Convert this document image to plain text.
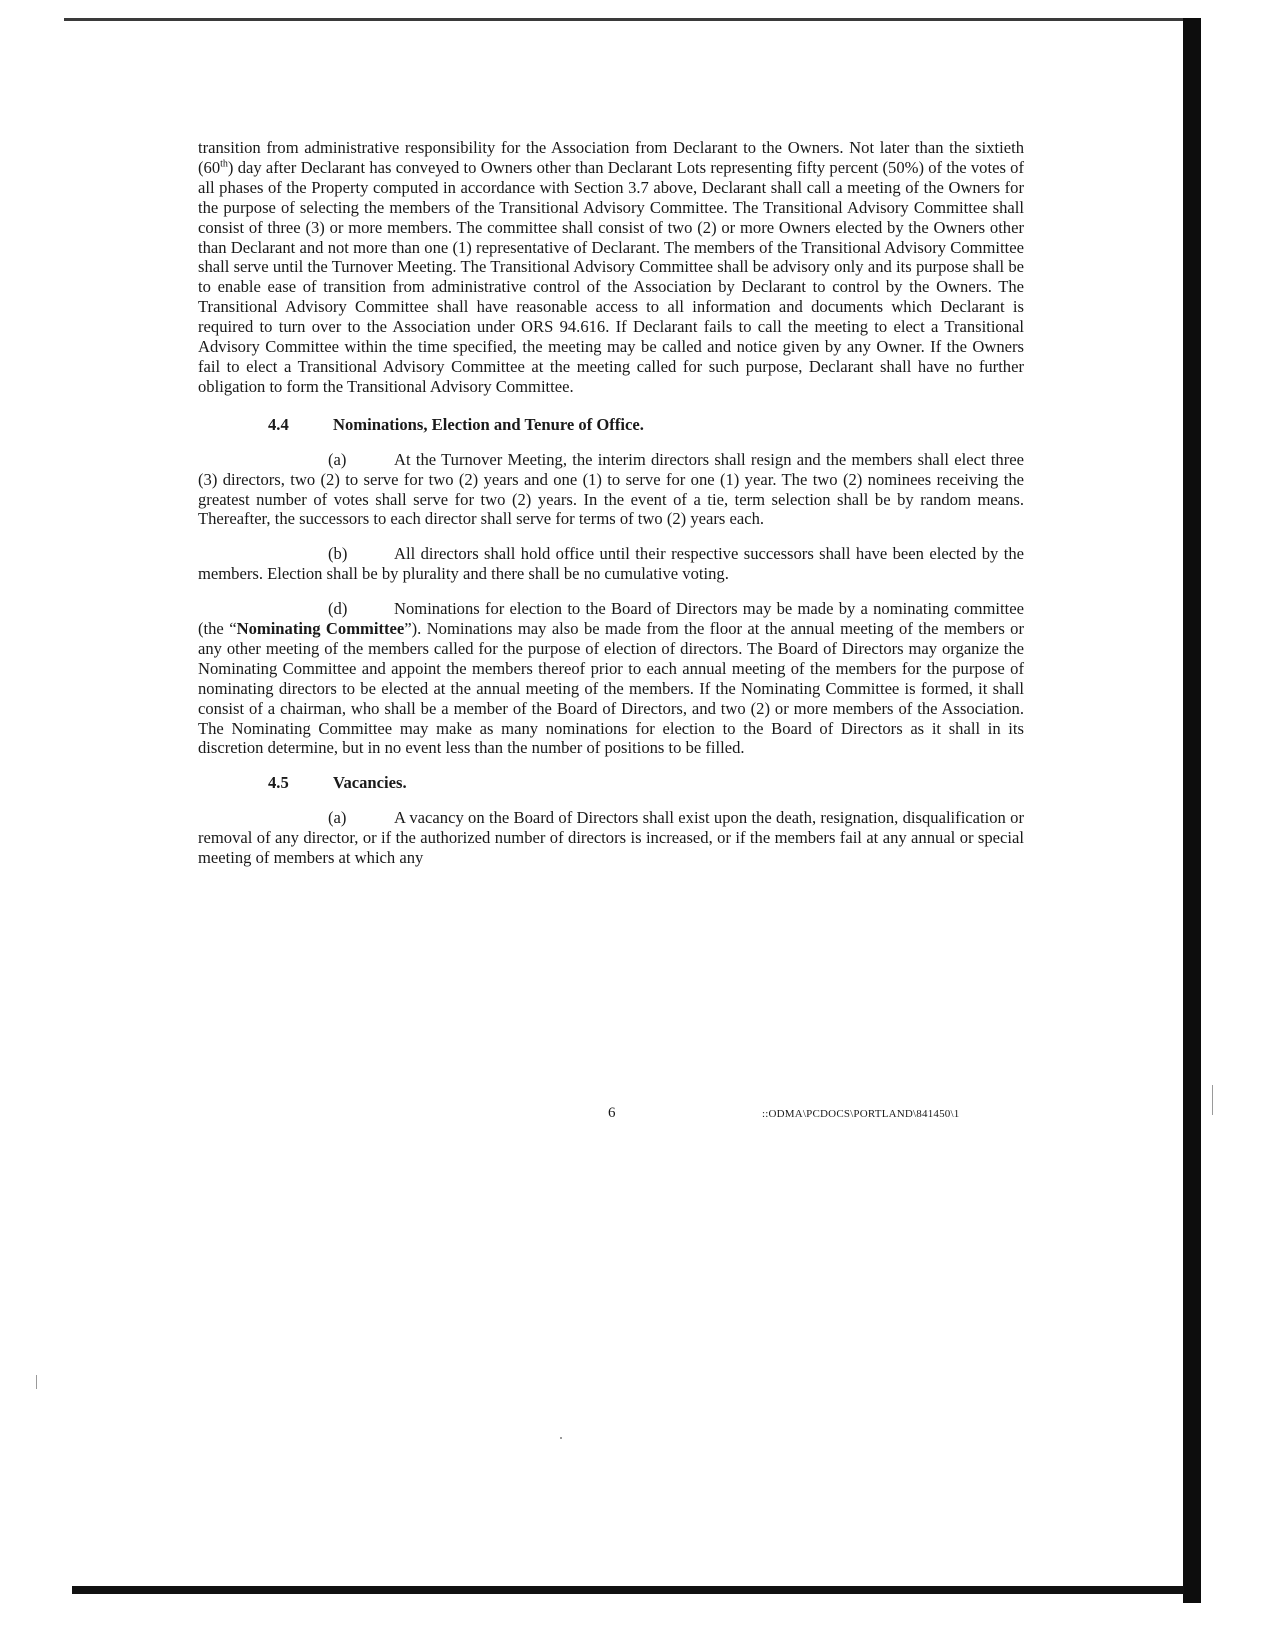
transition from administrative responsibility for the Association from Declarant to the Owners. Not later than the sixtieth (60th) day after Declarant has conveyed to Owners other than Declarant Lots representing fifty percent (50%) of the votes of all phases of the Property computed in accordance with Section 3.7 above, Declarant shall call a meeting of the Owners for the purpose of selecting the members of the Transitional Advisory Committee. The Transitional Advisory Committee shall consist of three (3) or more members. The committee shall consist of two (2) or more Owners elected by the Owners other than Declarant and not more than one (1) representative of Declarant. The members of the Transitional Advisory Committee shall serve until the Turnover Meeting. The Transitional Advisory Committee shall be advisory only and its purpose shall be to enable ease of transition from administrative control of the Association by Declarant to control by the Owners. The Transitional Advisory Committee shall have reasonable access to all information and documents which Declarant is required to turn over to the Association under ORS 94.616. If Declarant fails to call the meeting to elect a Transitional Advisory Committee within the time specified, the meeting may be called and notice given by any Owner. If the Owners fail to elect a Transitional Advisory Committee at the meeting called for such purpose, Declarant shall have no further obligation to form the Transitional Advisory Committee.

4.4	Nominations, Election and Tenure of Office.

(a)	At the Turnover Meeting, the interim directors shall resign and the members shall elect three (3) directors, two (2) to serve for two (2) years and one (1) to serve for one (1) year. The two (2) nominees receiving the greatest number of votes shall serve for two (2) years. In the event of a tie, term selection shall be by random means. Thereafter, the successors to each director shall serve for terms of two (2) years each.

(b)	All directors shall hold office until their respective successors shall have been elected by the members. Election shall be by plurality and there shall be no cumulative voting.

(d)	Nominations for election to the Board of Directors may be made by a nominating committee (the “Nominating Committee”). Nominations may also be made from the floor at the annual meeting of the members or any other meeting of the members called for the purpose of election of directors. The Board of Directors may organize the Nominating Committee and appoint the members thereof prior to each annual meeting of the members for the purpose of nominating directors to be elected at the annual meeting of the members. If the Nominating Committee is formed, it shall consist of a chairman, who shall be a member of the Board of Directors, and two (2) or more members of the Association. The Nominating Committee may make as many nominations for election to the Board of Directors as it shall in its discretion determine, but in no event less than the number of positions to be filled.

4.5	Vacancies.

(a)	A vacancy on the Board of Directors shall exist upon the death, resignation, disqualification or removal of any director, or if the authorized number of directors is increased, or if the members fail at any annual or special meeting of members at which any

6	::ODMA\PCDOCS\PORTLAND\841450\1
